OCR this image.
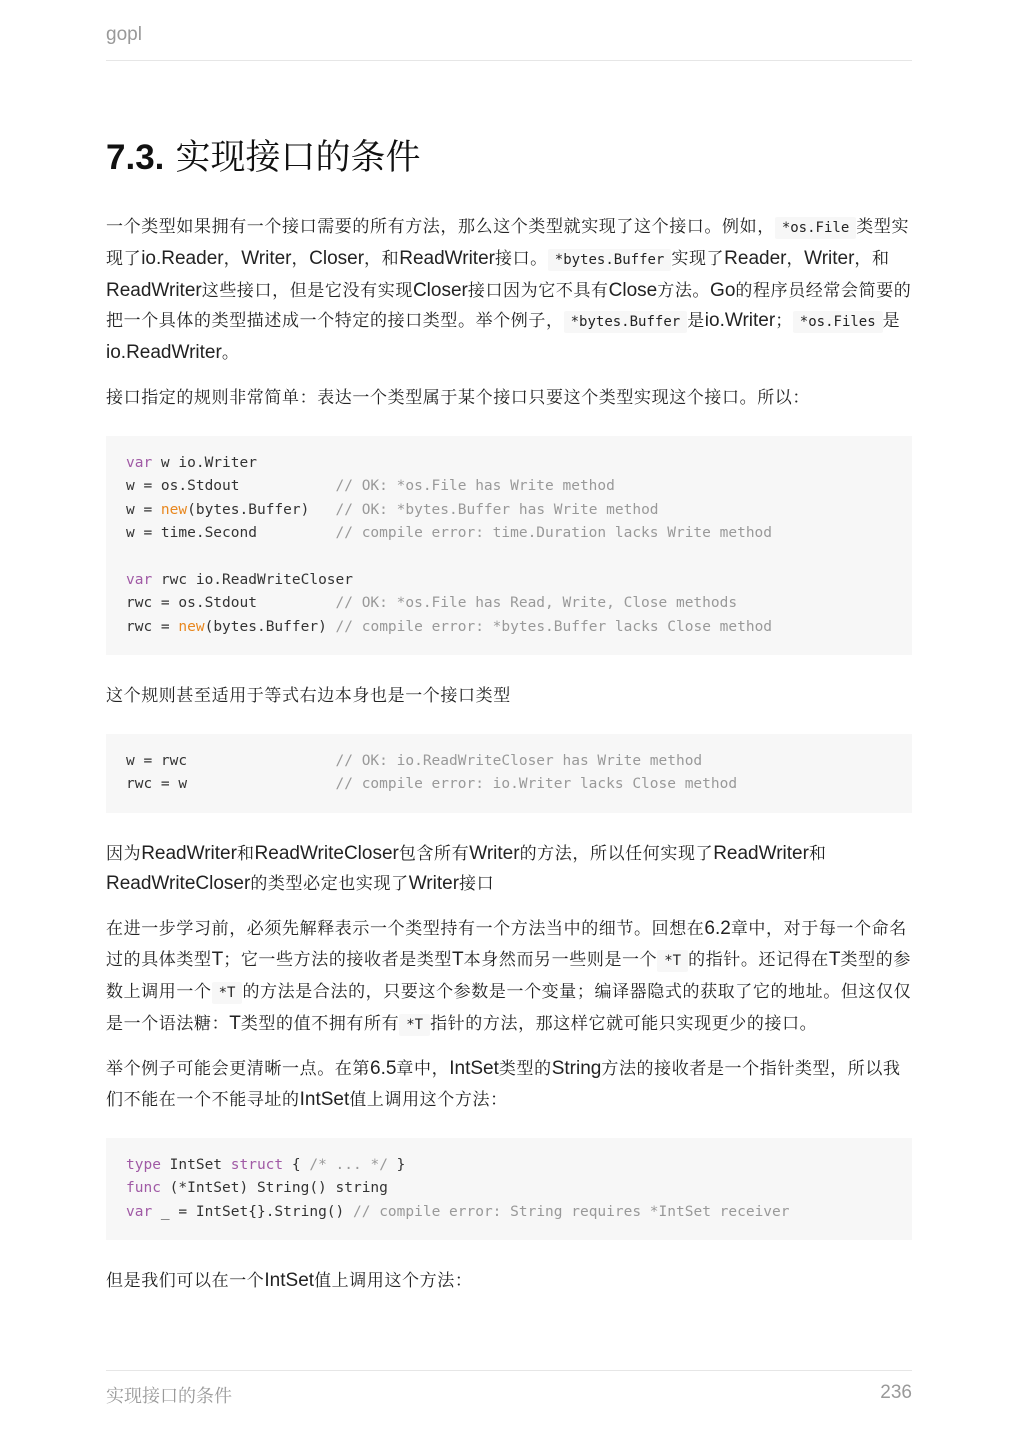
gopl
7.3. 实现接口的条件

一个类型如果拥有一个接口需要的所有方法，那么这个类型就实现了这个接口。例如， *os.File 类型实现了io.Reader，Writer，Closer，和ReadWriter接口。 *bytes.Buffer 实现了Reader，Writer，和ReadWriter这些接口，但是它没有实现Closer接口因为它不具有Close方法。Go的程序员经常会简要的把一个具体的类型描述成一个特定的接口类型。举个例子， *bytes.Buffer 是io.Writer； *os.Files 是io.ReadWriter。

接口指定的规则非常简单：表达一个类型属于某个接口只要这个类型实现这个接口。所以：

var w io.Writer
w = os.Stdout           // OK: *os.File has Write method
w = new(bytes.Buffer)   // OK: *bytes.Buffer has Write method
w = time.Second         // compile error: time.Duration lacks Write method

var rwc io.ReadWriteCloser
rwc = os.Stdout         // OK: *os.File has Read, Write, Close methods
rwc = new(bytes.Buffer) // compile error: *bytes.Buffer lacks Close method

这个规则甚至适用于等式右边本身也是一个接口类型

w = rwc                 // OK: io.ReadWriteCloser has Write method
rwc = w                 // compile error: io.Writer lacks Close method

因为ReadWriter和ReadWriteCloser包含所有Writer的方法，所以任何实现了ReadWriter和ReadWriteCloser的类型必定也实现了Writer接口

在进一步学习前，必须先解释表示一个类型持有一个方法当中的细节。回想在6.2章中，对于每一个命名过的具体类型T；它一些方法的接收者是类型T本身然而另一些则是一个 *T 的指针。还记得在T类型的参数上调用一个 *T 的方法是合法的，只要这个参数是一个变量；编译器隐式的获取了它的地址。但这仅仅是一个语法糖：T类型的值不拥有所有 *T 指针的方法，那这样它就可能只实现更少的接口。

举个例子可能会更清晰一点。在第6.5章中，IntSet类型的String方法的接收者是一个指针类型，所以我们不能在一个不能寻址的IntSet值上调用这个方法：

type IntSet struct { /* ... */ }
func (*IntSet) String() string
var _ = IntSet{}.String() // compile error: String requires *IntSet receiver

但是我们可以在一个IntSet值上调用这个方法：

实现接口的条件	236
